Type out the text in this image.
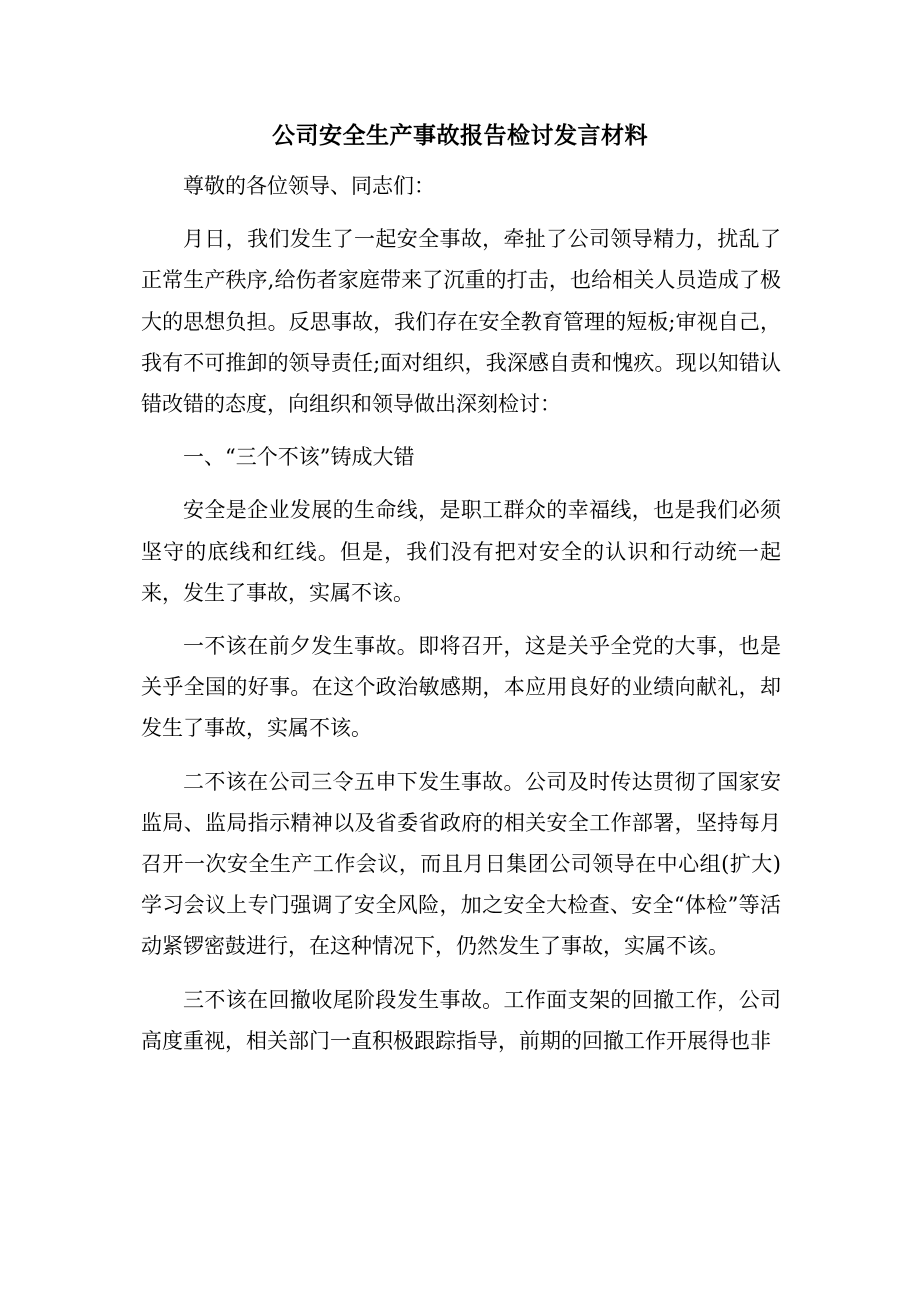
公司安全生产事故报告检讨发言材料

尊敬的各位领导、同志们：

月日，我们发生了一起安全事故，牵扯了公司领导精力，扰乱了正常生产秩序,给伤者家庭带来了沉重的打击，也给相关人员造成了极大的思想负担。反思事故，我们存在安全教育管理的短板;审视自己，我有不可推卸的领导责任;面对组织，我深感自责和愧疚。现以知错认错改错的态度，向组织和领导做出深刻检讨：

一、“三个不该”铸成大错

安全是企业发展的生命线，是职工群众的幸福线，也是我们必须坚守的底线和红线。但是，我们没有把对安全的认识和行动统一起来，发生了事故，实属不该。

一不该在前夕发生事故。即将召开，这是关乎全党的大事，也是关乎全国的好事。在这个政治敏感期，本应用良好的业绩向献礼，却发生了事故，实属不该。

二不该在公司三令五申下发生事故。公司及时传达贯彻了国家安监局、监局指示精神以及省委省政府的相关安全工作部署，坚持每月召开一次安全生产工作会议，而且月日集团公司领导在中心组(扩大)学习会议上专门强调了安全风险，加之安全大检查、安全“体检”等活动紧锣密鼓进行，在这种情况下，仍然发生了事故，实属不该。

三不该在回撤收尾阶段发生事故。工作面支架的回撤工作，公司高度重视，相关部门一直积极跟踪指导，前期的回撤工作开展得也非
